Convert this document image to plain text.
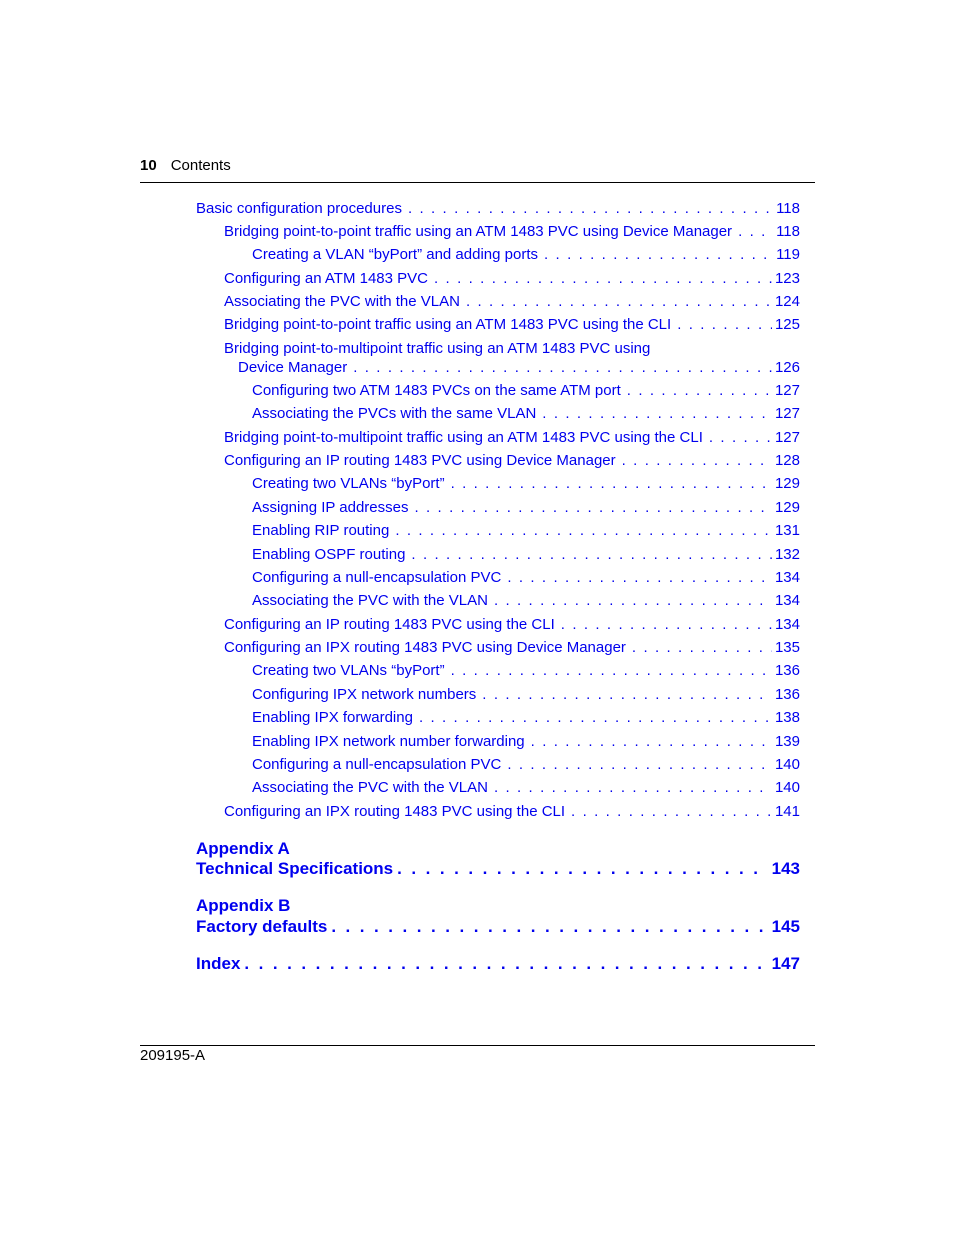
10 Contents
Basic configuration procedures . . .	118
Bridging point-to-point traffic using an ATM 1483 PVC using Device Manager . . .	118
Creating a VLAN “byPort” and adding ports . . .	119
Configuring an ATM 1483 PVC . . .	123
Associating the PVC with the VLAN . . .	124
Bridging point-to-point traffic using an ATM 1483 PVC using the CLI . . .	125
Bridging point-to-multipoint traffic using an ATM 1483 PVC using
Device Manager . . .	126
Configuring two ATM 1483 PVCs on the same ATM port . . .	127
Associating the PVCs with the same VLAN . . .	127
Bridging point-to-multipoint traffic using an ATM 1483 PVC using the CLI . . .	127
Configuring an IP routing 1483 PVC using Device Manager . . .	128
Creating two VLANs “byPort” . . .	129
Assigning IP addresses . . .	129
Enabling RIP routing . . .	131
Enabling OSPF routing . . .	132
Configuring a null-encapsulation PVC . . .	134
Associating the PVC with the VLAN . . .	134
Configuring an IP routing 1483 PVC using the CLI . . .	134
Configuring an IPX routing 1483 PVC using Device Manager . . .	135
Creating two VLANs “byPort” . . .	136
Configuring IPX network numbers . . .	136
Enabling IPX forwarding . . .	138
Enabling IPX network number forwarding . . .	139
Configuring a null-encapsulation PVC . . .	140
Associating the PVC with the VLAN . . .	140
Configuring an IPX routing 1483 PVC using the CLI . . .	141
Appendix A
Technical Specifications . . .	143
Appendix B
Factory defaults . . .	145
Index . . .	147
209195-A
